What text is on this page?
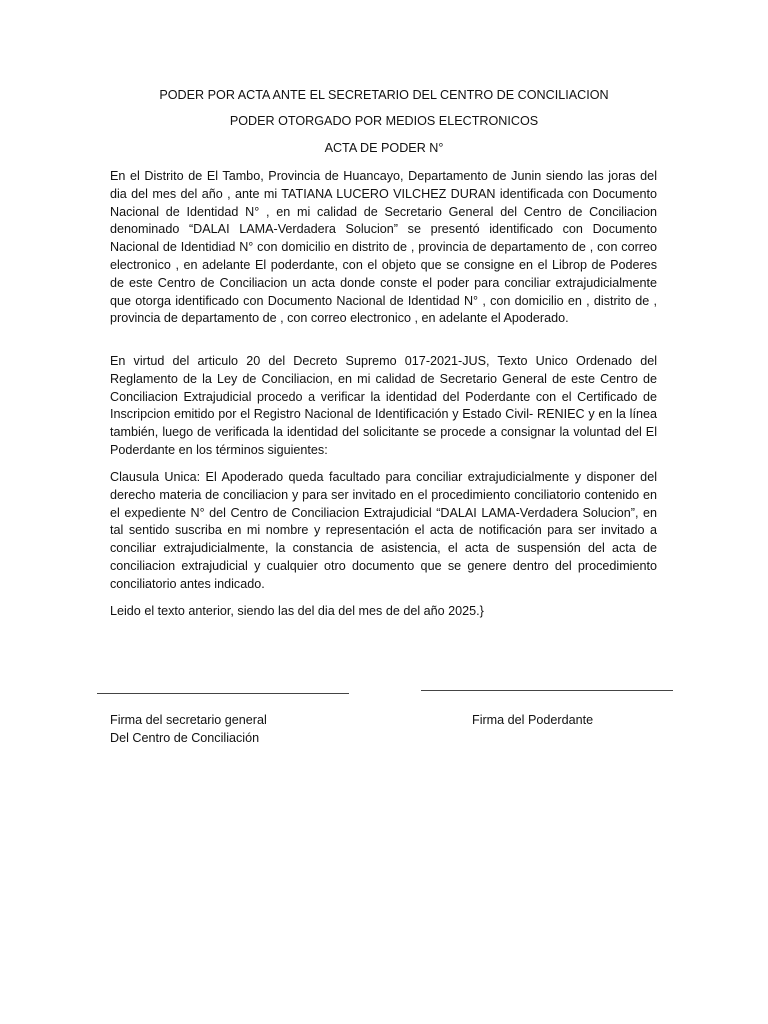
PODER POR ACTA ANTE EL SECRETARIO DEL CENTRO DE CONCILIACION
PODER OTORGADO POR MEDIOS ELECTRONICOS
ACTA DE PODER N°

En el Distrito de El Tambo, Provincia de Huancayo, Departamento de Junin siendo las joras del dia del mes del año , ante mi TATIANA LUCERO VILCHEZ DURAN identificada con Documento Nacional de Identidad N° , en mi calidad de Secretario General del Centro de Conciliacion denominado “DALAI LAMA-Verdadera Solucion” se presentó identificado con Documento Nacional de Identidiad N° con domicilio en distrito de , provincia de departamento de , con correo electronico , en adelante El poderdante, con el objeto que se consigne en el Librop de Poderes de este Centro de Conciliacion un acta donde conste el poder para conciliar extrajudicialmente que otorga identificado con Documento Nacional de Identidad N° , con domicilio en , distrito de , provincia de departamento de , con correo electronico , en adelante el Apoderado.

En virtud del articulo 20 del Decreto Supremo 017-2021-JUS, Texto Unico Ordenado del Reglamento de la Ley de Conciliacion, en mi calidad de Secretario General de este Centro de Conciliacion Extrajudicial procedo a verificar la identidad del Poderdante con el Certificado de Inscripcion emitido por el Registro Nacional de Identificación y Estado Civil- RENIEC y en la línea también, luego de verificada la identidad del solicitante se procede a consignar la voluntad del El Poderdante en los términos siguientes:

Clausula Unica: El Apoderado queda facultado para conciliar extrajudicialmente y disponer del derecho materia de conciliacion y para ser invitado en el procedimiento conciliatorio contenido en el expediente N° del Centro de Conciliacion Extrajudicial “DALAI LAMA-Verdadera Solucion”, en tal sentido suscriba en mi nombre y representación el acta de notificación para ser invitado a conciliar extrajudicialmente, la constancia de asistencia, el acta de suspensión del acta de conciliacion extrajudicial y cualquier otro documento que se genere dentro del procedimiento conciliatorio antes indicado.

Leido el texto anterior, siendo las del dia del mes de del año 2025.}

Firma del secretario general
Del Centro de Conciliación
Firma del Poderdante
